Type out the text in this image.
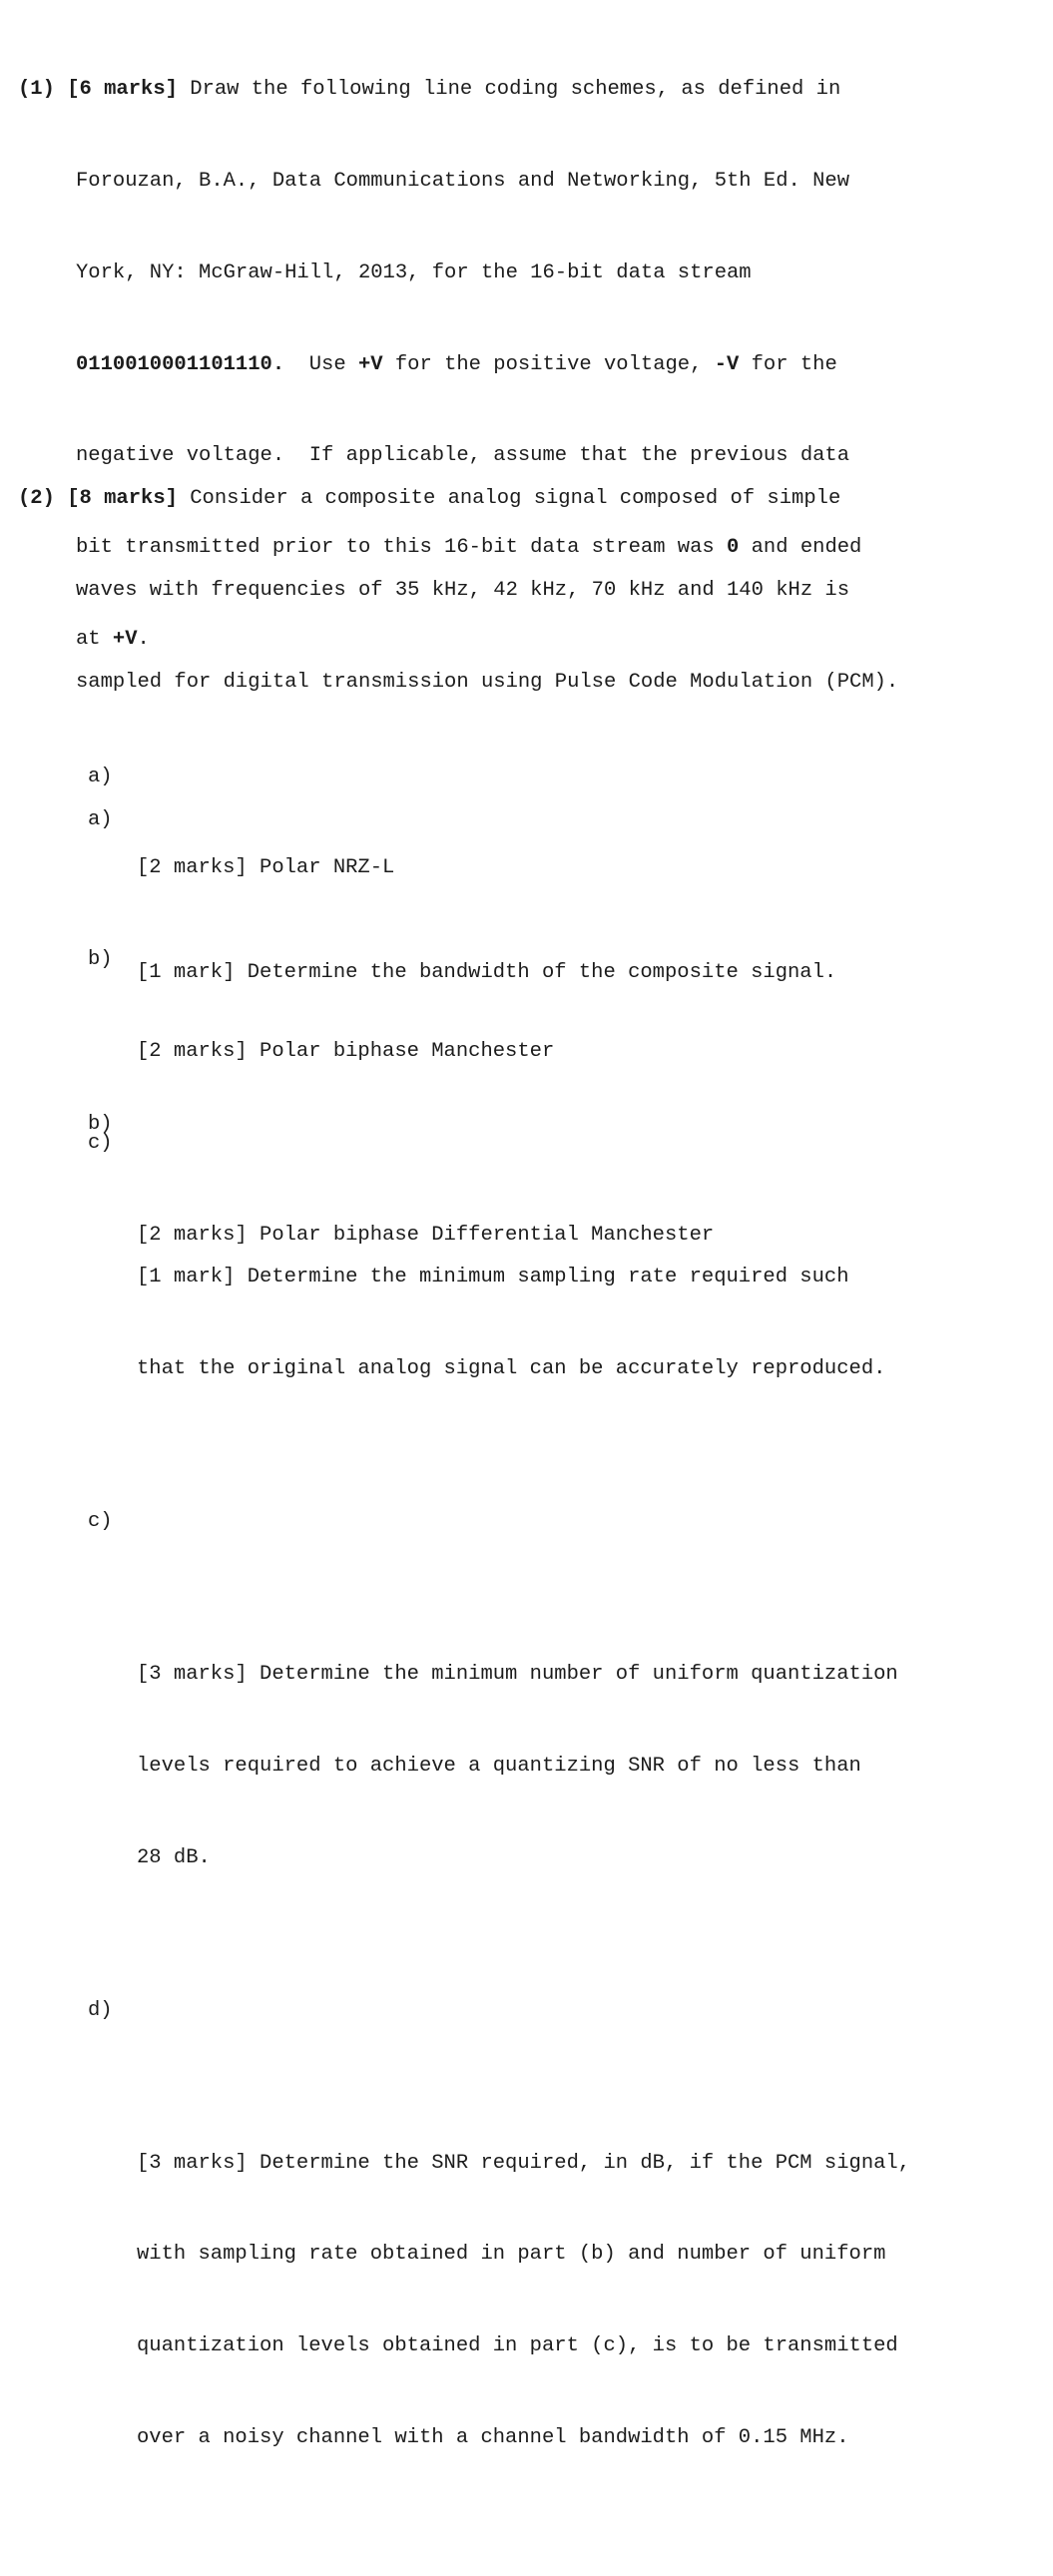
(1) [6 marks] Draw the following line coding schemes, as defined in

Forouzan, B.A., Data Communications and Networking, 5th Ed. New

York, NY: McGraw-Hill, 2013, for the 16-bit data stream

0110010001101110.  Use +V for the positive voltage, -V for the

negative voltage.  If applicable, assume that the previous data

bit transmitted prior to this 16-bit data stream was 0 and ended

at +V.

a)

[2 marks] Polar NRZ-L

b)

[2 marks] Polar biphase Manchester

c)

[2 marks] Polar biphase Differential Manchester

(2) [8 marks] Consider a composite analog signal composed of simple

waves with frequencies of 35 kHz, 42 kHz, 70 kHz and 140 kHz is

sampled for digital transmission using Pulse Code Modulation (PCM).

a)

[1 mark] Determine the bandwidth of the composite signal.

b)

[1 mark] Determine the minimum sampling rate required such

that the original analog signal can be accurately reproduced.

c)

[3 marks] Determine the minimum number of uniform quantization

levels required to achieve a quantizing SNR of no less than

28 dB.

d)

[3 marks] Determine the SNR required, in dB, if the PCM signal,

with sampling rate obtained in part (b) and number of uniform

quantization levels obtained in part (c), is to be transmitted

over a noisy channel with a channel bandwidth of 0.15 MHz.
